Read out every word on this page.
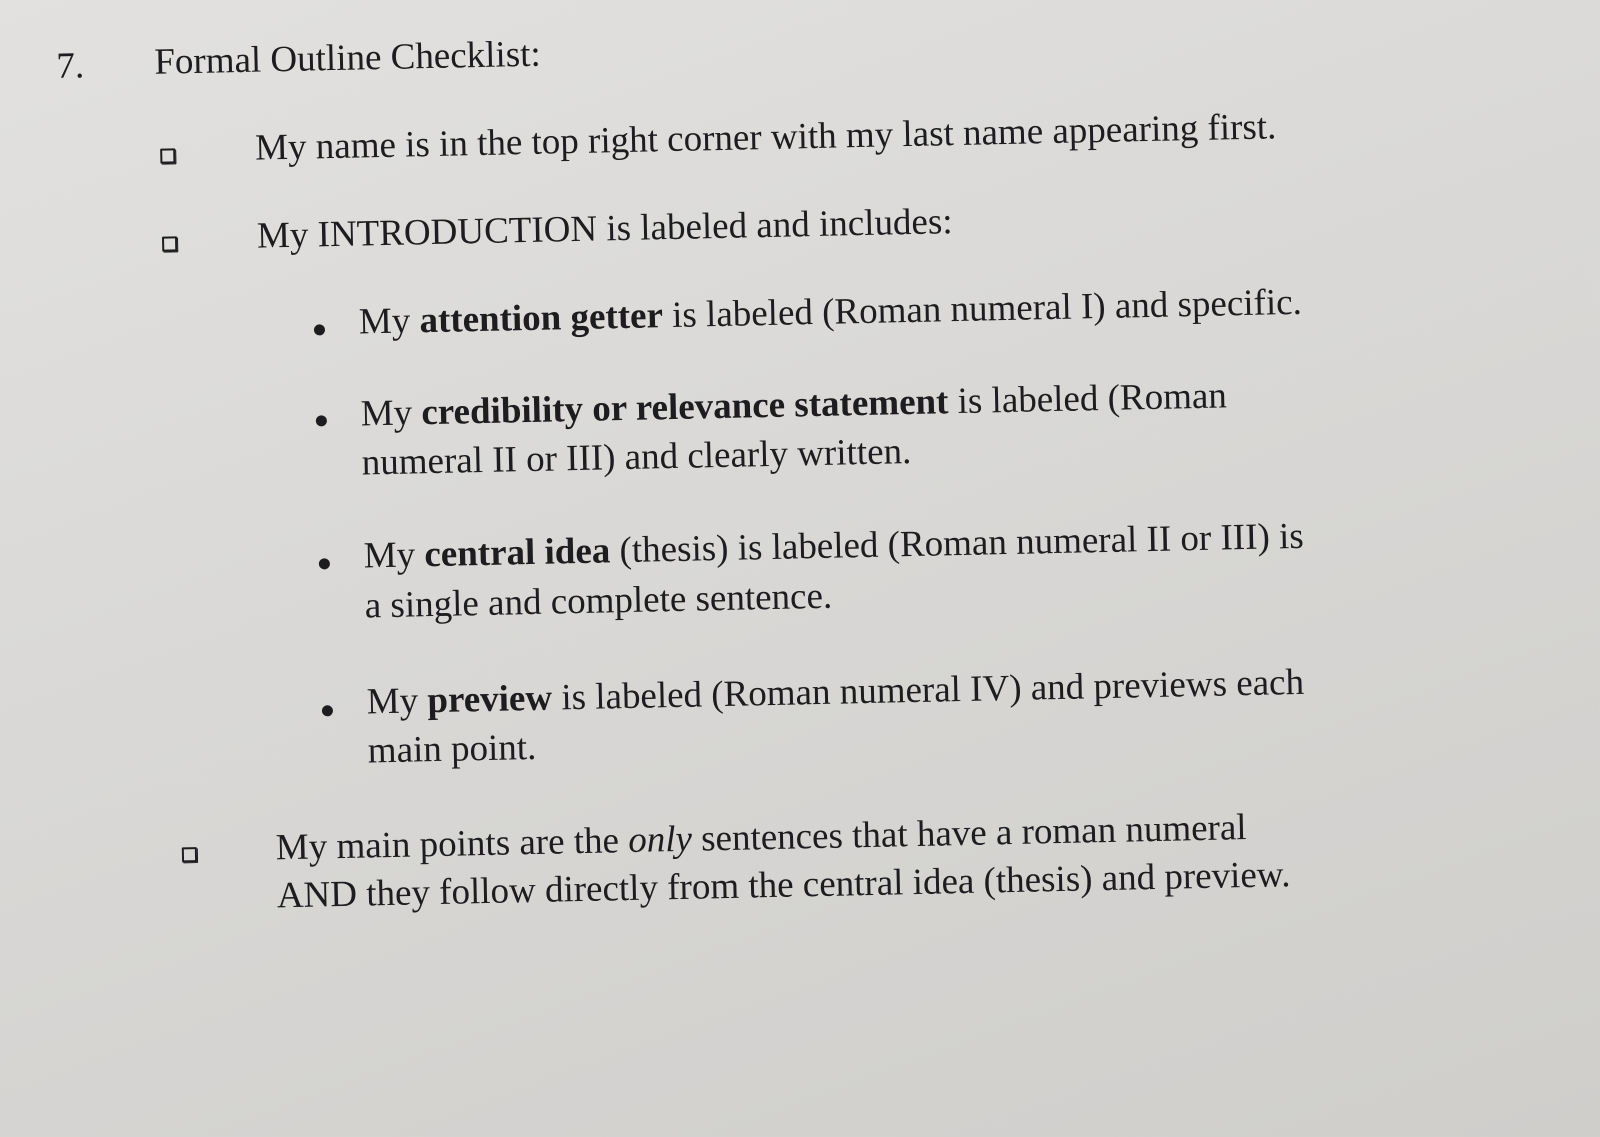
7. Formal Outline Checklist:
My name is in the top right corner with my last name appearing first.
My INTRODUCTION is labeled and includes:
My attention getter is labeled (Roman numeral I) and specific.
My credibility or relevance statement is labeled (Roman
numeral II or III) and clearly written.
My central idea (thesis) is labeled (Roman numeral II or III) is
a single and complete sentence.
My preview is labeled (Roman numeral IV) and previews each
main point.
My main points are the only sentences that have a roman numeral
AND they follow directly from the central idea (thesis) and preview.
